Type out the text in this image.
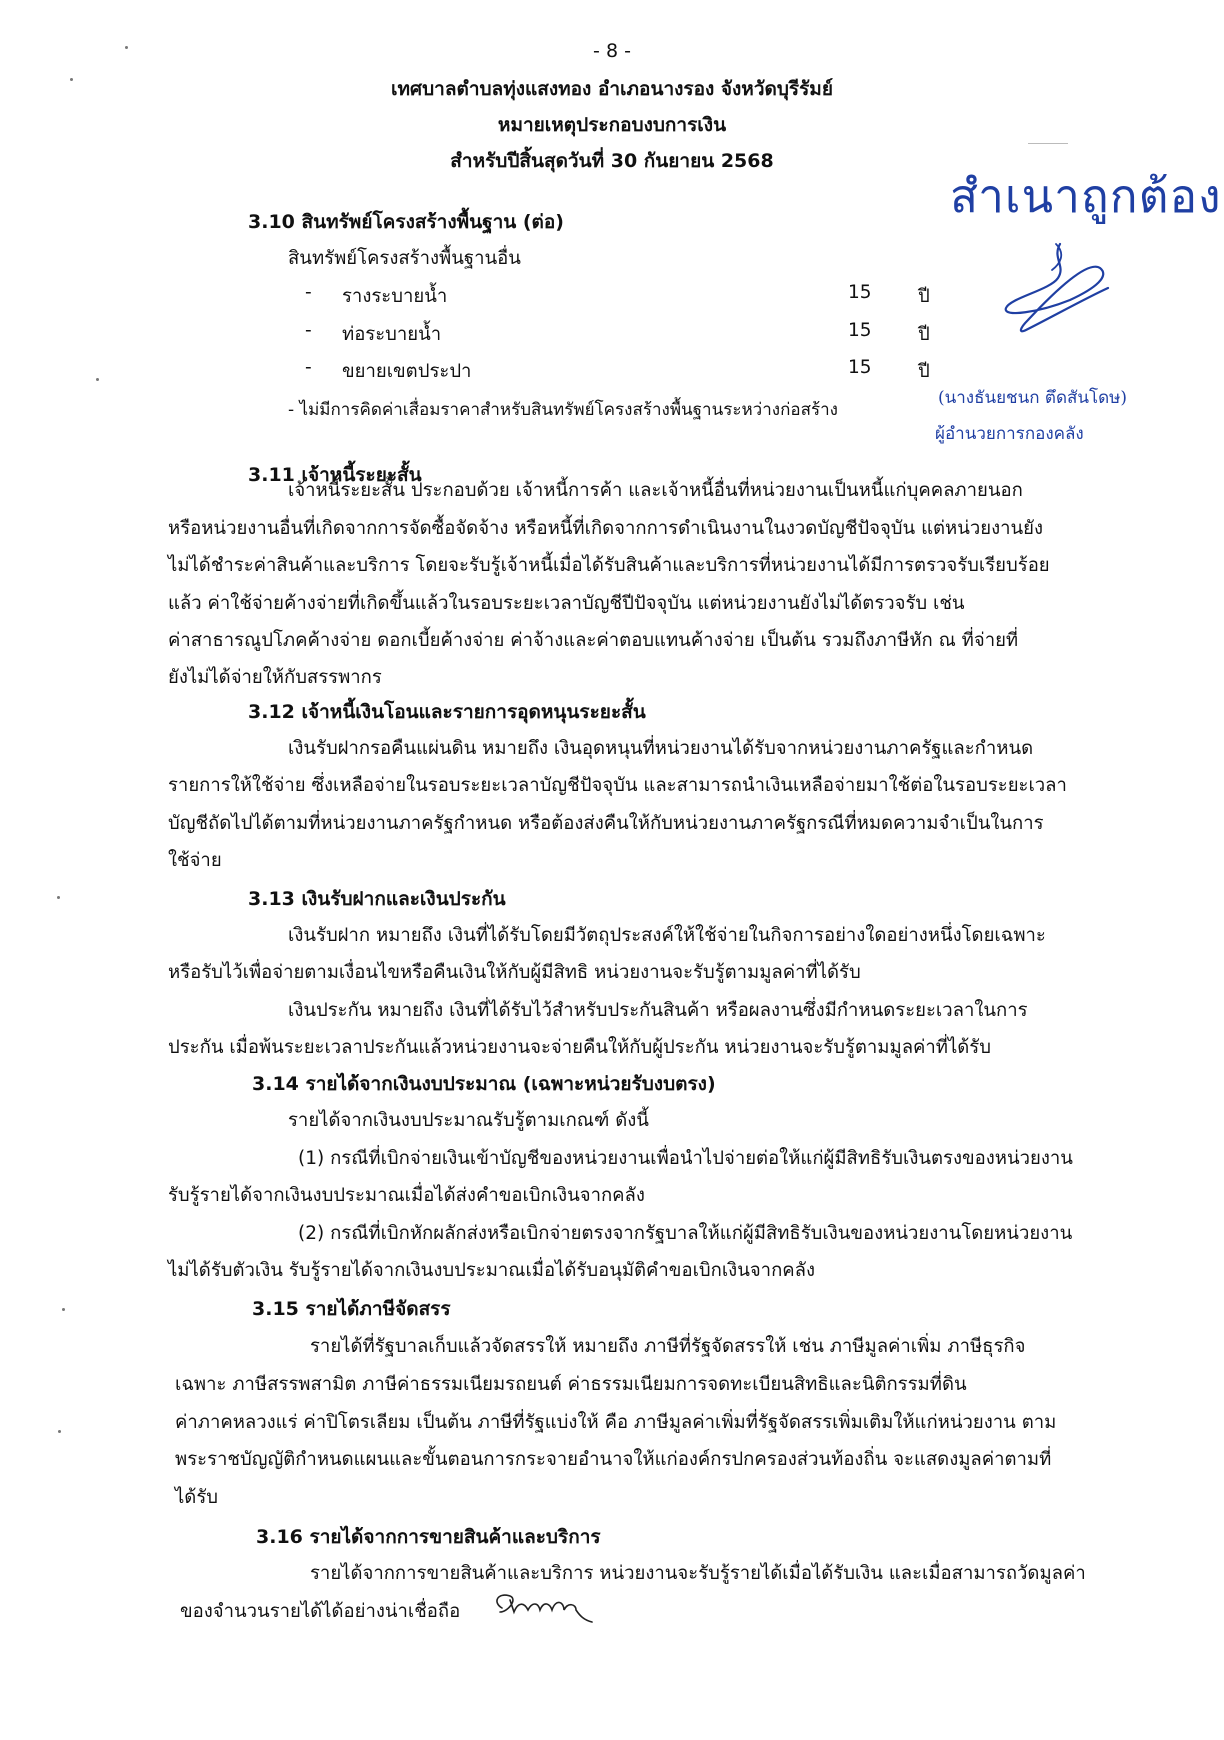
- 8 -
เทศบาลตำบลทุ่งแสงทอง อำเภอนางรอง จังหวัดบุรีรัมย์
หมายเหตุประกอบงบการเงิน
สำหรับปีสิ้นสุดวันที่ 30 กันยายน 2568
3.10 สินทรัพย์โครงสร้างพื้นฐาน (ต่อ)
สินทรัพย์โครงสร้างพื้นฐานอื่น
- รางระบายน้ำ	15	ปี
- ท่อระบายน้ำ	15	ปี
- ขยายเขตประปา	15	ปี
- ไม่มีการคิดค่าเสื่อมราคาสำหรับสินทรัพย์โครงสร้างพื้นฐานระหว่างก่อสร้าง
3.11 เจ้าหนี้ระยะสั้น
เจ้าหนี้ระยะสั้น ประกอบด้วย เจ้าหนี้การค้า และเจ้าหนี้อื่นที่หน่วยงานเป็นหนี้แก่บุคคลภายนอก
หรือหน่วยงานอื่นที่เกิดจากการจัดซื้อจัดจ้าง หรือหนี้ที่เกิดจากการดำเนินงานในงวดบัญชีปัจจุบัน แต่หน่วยงานยัง
ไม่ได้ชำระค่าสินค้าและบริการ โดยจะรับรู้เจ้าหนี้เมื่อได้รับสินค้าและบริการที่หน่วยงานได้มีการตรวจรับเรียบร้อย
แล้ว ค่าใช้จ่ายค้างจ่ายที่เกิดขึ้นแล้วในรอบระยะเวลาบัญชีปีปัจจุบัน แต่หน่วยงานยังไม่ได้ตรวจรับ เช่น
ค่าสาธารณูปโภคค้างจ่าย ดอกเบี้ยค้างจ่าย ค่าจ้างและค่าตอบแทนค้างจ่าย เป็นต้น รวมถึงภาษีหัก ณ ที่จ่ายที่
ยังไม่ได้จ่ายให้กับสรรพากร
3.12 เจ้าหนี้เงินโอนและรายการอุดหนุนระยะสั้น
เงินรับฝากรอคืนแผ่นดิน หมายถึง เงินอุดหนุนที่หน่วยงานได้รับจากหน่วยงานภาครัฐและกำหนด
รายการให้ใช้จ่าย ซึ่งเหลือจ่ายในรอบระยะเวลาบัญชีปัจจุบัน และสามารถนำเงินเหลือจ่ายมาใช้ต่อในรอบระยะเวลา
บัญชีถัดไปได้ตามที่หน่วยงานภาครัฐกำหนด หรือต้องส่งคืนให้กับหน่วยงานภาครัฐกรณีที่หมดความจำเป็นในการ
ใช้จ่าย
3.13 เงินรับฝากและเงินประกัน
เงินรับฝาก หมายถึง เงินที่ได้รับโดยมีวัตถุประสงค์ให้ใช้จ่ายในกิจการอย่างใดอย่างหนึ่งโดยเฉพาะ
หรือรับไว้เพื่อจ่ายตามเงื่อนไขหรือคืนเงินให้กับผู้มีสิทธิ หน่วยงานจะรับรู้ตามมูลค่าที่ได้รับ
เงินประกัน หมายถึง เงินที่ได้รับไว้สำหรับประกันสินค้า หรือผลงานซึ่งมีกำหนดระยะเวลาในการ
ประกัน เมื่อพ้นระยะเวลาประกันแล้วหน่วยงานจะจ่ายคืนให้กับผู้ประกัน หน่วยงานจะรับรู้ตามมูลค่าที่ได้รับ
3.14 รายได้จากเงินงบประมาณ (เฉพาะหน่วยรับงบตรง)
รายได้จากเงินงบประมาณรับรู้ตามเกณฑ์ ดังนี้
(1) กรณีที่เบิกจ่ายเงินเข้าบัญชีของหน่วยงานเพื่อนำไปจ่ายต่อให้แก่ผู้มีสิทธิรับเงินตรงของหน่วยงาน
รับรู้รายได้จากเงินงบประมาณเมื่อได้ส่งคำขอเบิกเงินจากคลัง
(2) กรณีที่เบิกหักผลักส่งหรือเบิกจ่ายตรงจากรัฐบาลให้แก่ผู้มีสิทธิรับเงินของหน่วยงานโดยหน่วยงาน
ไม่ได้รับตัวเงิน รับรู้รายได้จากเงินงบประมาณเมื่อได้รับอนุมัติคำขอเบิกเงินจากคลัง
3.15 รายได้ภาษีจัดสรร
รายได้ที่รัฐบาลเก็บแล้วจัดสรรให้ หมายถึง ภาษีที่รัฐจัดสรรให้ เช่น ภาษีมูลค่าเพิ่ม ภาษีธุรกิจ
เฉพาะ ภาษีสรรพสามิต ภาษีค่าธรรมเนียมรถยนต์ ค่าธรรมเนียมการจดทะเบียนสิทธิและนิติกรรมที่ดิน
ค่าภาคหลวงแร่ ค่าปิโตรเลียม เป็นต้น ภาษีที่รัฐแบ่งให้ คือ ภาษีมูลค่าเพิ่มที่รัฐจัดสรรเพิ่มเติมให้แก่หน่วยงาน ตาม
พระราชบัญญัติกำหนดแผนและขั้นตอนการกระจายอำนาจให้แก่องค์กรปกครองส่วนท้องถิ่น จะแสดงมูลค่าตามที่
ได้รับ
3.16 รายได้จากการขายสินค้าและบริการ
รายได้จากการขายสินค้าและบริการ หน่วยงานจะรับรู้รายได้เมื่อได้รับเงิน และเมื่อสามารถวัดมูลค่า
ของจำนวนรายได้ได้อย่างน่าเชื่อถือ
สำเนาถูกต้อง
(นางธันยชนก ตึดสันโดษ)
ผู้อำนวยการกองคลัง
